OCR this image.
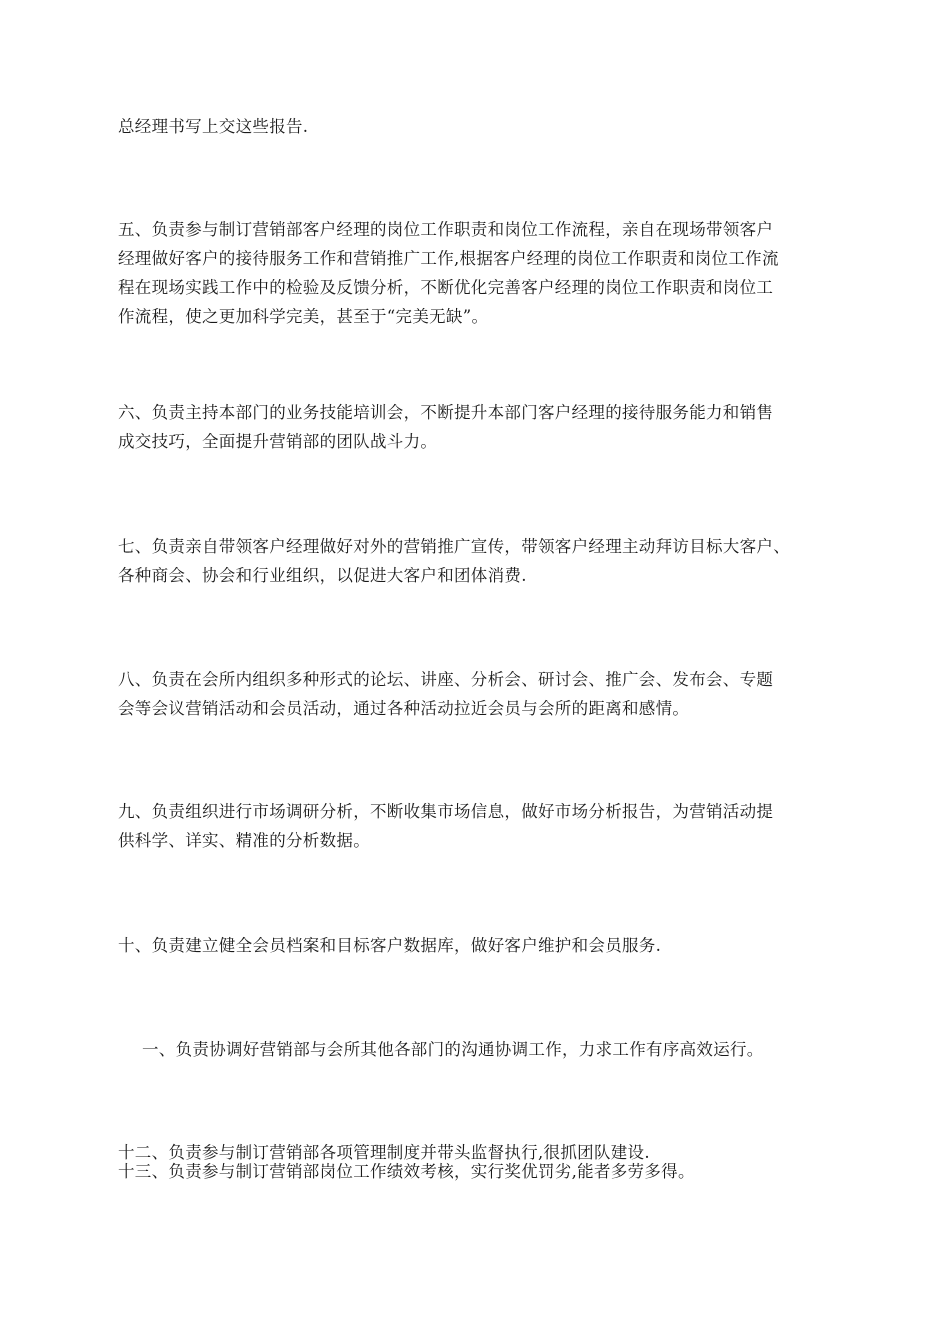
总经理书写上交这些报告.

五、负责参与制订营销部客户经理的岗位工作职责和岗位工作流程，亲自在现场带领客户
经理做好客户的接待服务工作和营销推广工作,根据客户经理的岗位工作职责和岗位工作流
程在现场实践工作中的检验及反馈分析，不断优化完善客户经理的岗位工作职责和岗位工
作流程，使之更加科学完美，甚至于“完美无缺”。

六、负责主持本部门的业务技能培训会，不断提升本部门客户经理的接待服务能力和销售
成交技巧，全面提升营销部的团队战斗力。

七、负责亲自带领客户经理做好对外的营销推广宣传，带领客户经理主动拜访目标大客户、
各种商会、协会和行业组织，以促进大客户和团体消费.

八、负责在会所内组织多种形式的论坛、讲座、分析会、研讨会、推广会、发布会、专题
会等会议营销活动和会员活动，通过各种活动拉近会员与会所的距离和感情。

九、负责组织进行市场调研分析，不断收集市场信息，做好市场分析报告，为营销活动提
供科学、详实、精准的分析数据。

十、负责建立健全会员档案和目标客户数据库，做好客户维护和会员服务.

一、负责协调好营销部与会所其他各部门的沟通协调工作，力求工作有序高效运行。

十二、负责参与制订营销部各项管理制度并带头监督执行,很抓团队建设.
十三、负责参与制订营销部岗位工作绩效考核，实行奖优罚劣,能者多劳多得。
